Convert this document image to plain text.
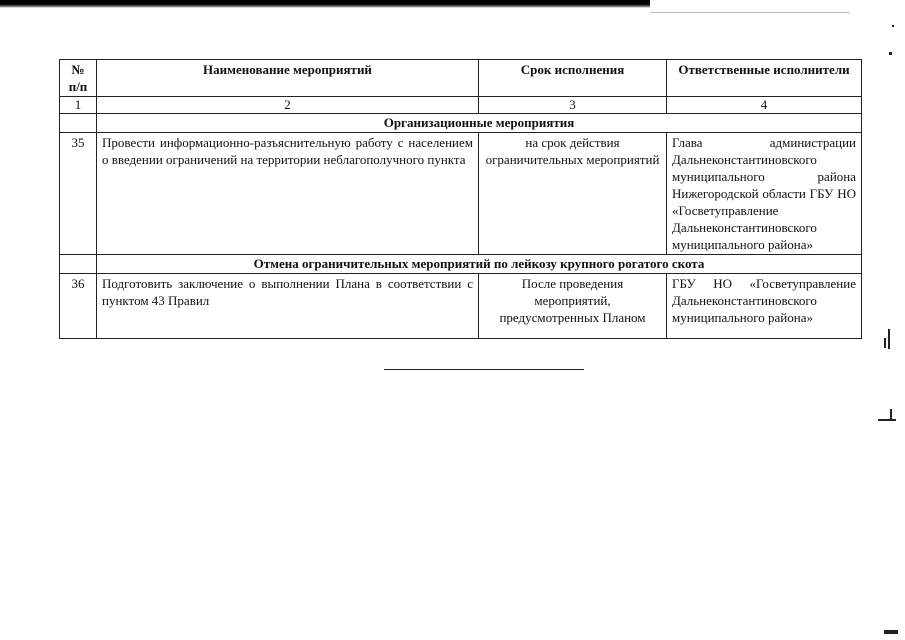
№ п/п	Наименование мероприятий	Срок исполнения	Ответственные исполнители
1	2	3	4
	Организационные мероприятия		
35	Провести информационно-разъяснительную работу с населением о введении ограничений на территории неблагополучного пункта	на срок действия ограничительных мероприятий	Глава администрации Дальнеконстантиновского муниципального района Нижегородской области ГБУ НО «Госветуправление Дальнеконстантиновского муниципального района»
	Отмена ограничительных мероприятий по лейкозу крупного рогатого скота		
36	Подготовить заключение о выполнении Плана в соответствии с пунктом 43 Правил	После проведения мероприятий, предусмотренных Планом	ГБУ НО «Госветуправление Дальнеконстантиновского муниципального района»
